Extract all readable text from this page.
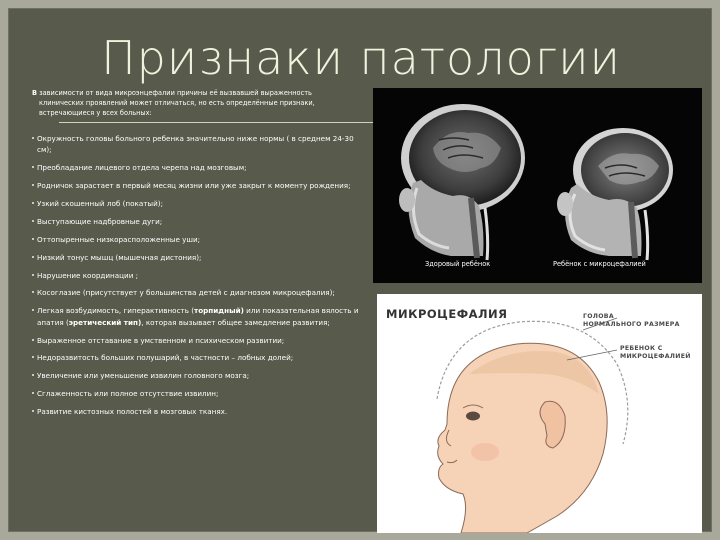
Признаки патологии
В зависимости от вида микроэнцефалии причины её вызвавшей выраженность клинических проявлений может отличаться, но есть определённые признаки, встречающиеся у всех больных:
Окружность головы больного ребенка значительно ниже нормы ( в среднем 24-30 см);
Преобладание лицевого отдела черепа над мозговым;
Родничок зарастает в первый месяц жизни или уже закрыт к моменту рождения;
Узкий скошенный лоб (покатый);
Выступающие надбровные дуги;
Оттопыренные низкорасположенные уши;
Низкий тонус мышц (мышечная дистония);
Нарушение координации ;
Косоглазие (присутствует у большинства детей с диагнозом микроцефалия);
Легкая возбудимость, гиперактивность (торпидный) или показательная вялость и апатия (эретический тип), которая вызывает общее замедление развития;
Выраженное отставание в умственном и психическом развитии;
Недоразвитость больших полушарий, в частности – лобных долей;
Увеличение или уменьшение извилин головного мозга;
Сглаженность или полное отсутствие извилин;
Развитие кистозных полостей в мозговых тканях.
Здоровый ребёнок	Ребёнок с микроцефалией
МИКРОЦЕФАЛИЯ	ГОЛОВА
НОРМАЛЬНОГО РАЗМЕРА
РЕБЕНОК С
МИКРОЦЕФАЛИЕЙ
